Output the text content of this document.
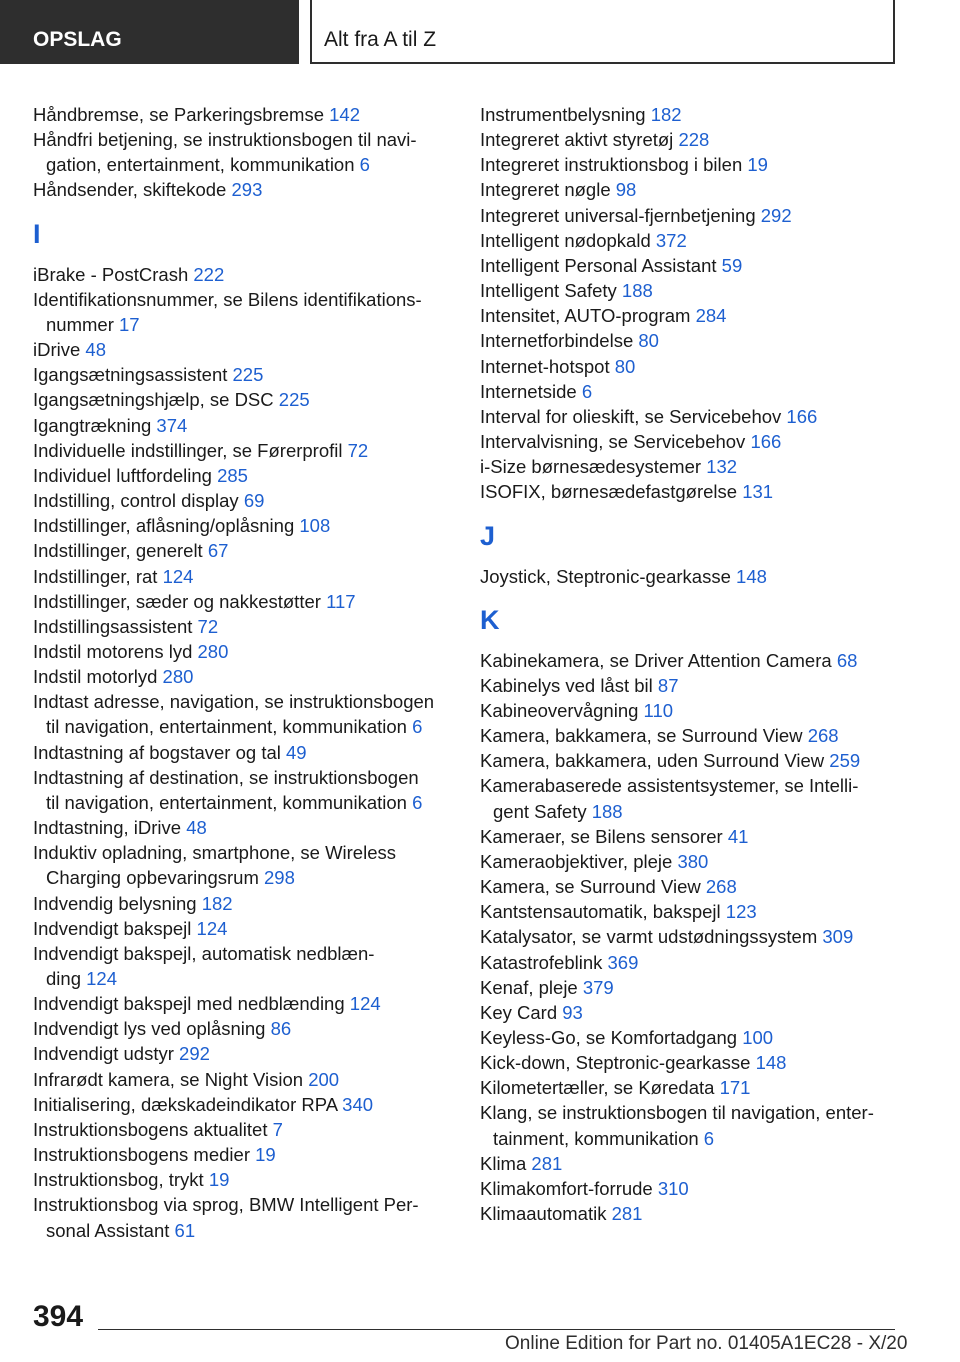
OPSLAG	Alt fra A til Z
Håndbremse, se Parkeringsbremse 142
Håndfri betjening, se instruktionsbogen til navi-
gation, entertainment, kommunikation 6
Håndsender, skiftekode 293
I
iBrake - PostCrash 222
Identifikationsnummer, se Bilens identifikations-
nummer 17
iDrive 48
Igangsætningsassistent 225
Igangsætningshjælp, se DSC 225
Igangtrækning 374
Individuelle indstillinger, se Førerprofil 72
Individuel luftfordeling 285
Indstilling, control display 69
Indstillinger, aflåsning/oplåsning 108
Indstillinger, generelt 67
Indstillinger, rat 124
Indstillinger, sæder og nakkestøtter 117
Indstillingsassistent 72
Indstil motorens lyd 280
Indstil motorlyd 280
Indtast adresse, navigation, se instruktionsbogen
til navigation, entertainment, kommunikation 6
Indtastning af bogstaver og tal 49
Indtastning af destination, se instruktionsbogen
til navigation, entertainment, kommunikation 6
Indtastning, iDrive 48
Induktiv opladning, smartphone, se Wireless
Charging opbevaringsrum 298
Indvendig belysning 182
Indvendigt bakspejl 124
Indvendigt bakspejl, automatisk nedblæn-
ding 124
Indvendigt bakspejl med nedblænding 124
Indvendigt lys ved oplåsning 86
Indvendigt udstyr 292
Infrarødt kamera, se Night Vision 200
Initialisering, dækskadeindikator RPA 340
Instruktionsbogens aktualitet 7
Instruktionsbogens medier 19
Instruktionsbog, trykt 19
Instruktionsbog via sprog, BMW Intelligent Per-
sonal Assistant 61
Instrumentbelysning 182
Integreret aktivt styretøj 228
Integreret instruktionsbog i bilen 19
Integreret nøgle 98
Integreret universal-fjernbetjening 292
Intelligent nødopkald 372
Intelligent Personal Assistant 59
Intelligent Safety 188
Intensitet, AUTO-program 284
Internetforbindelse 80
Internet-hotspot 80
Internetside 6
Interval for olieskift, se Servicebehov 166
Intervalvisning, se Servicebehov 166
i-Size børnesædesystemer 132
ISOFIX, børnesædefastgørelse 131
J
Joystick, Steptronic-gearkasse 148
K
Kabinekamera, se Driver Attention Camera 68
Kabinelys ved låst bil 87
Kabineovervågning 110
Kamera, bakkamera, se Surround View 268
Kamera, bakkamera, uden Surround View 259
Kamerabaserede assistentsystemer, se Intelli-
gent Safety 188
Kameraer, se Bilens sensorer 41
Kameraobjektiver, pleje 380
Kamera, se Surround View 268
Kantstensautomatik, bakspejl 123
Katalysator, se varmt udstødningssystem 309
Katastrofeblink 369
Kenaf, pleje 379
Key Card 93
Keyless-Go, se Komfortadgang 100
Kick-down, Steptronic-gearkasse 148
Kilometertæller, se Køredata 171
Klang, se instruktionsbogen til navigation, enter-
tainment, kommunikation 6
Klima 281
Klimakomfort-forrude 310
Klimaautomatik 281
394
Online Edition for Part no. 01405A1EC28 - X/20
